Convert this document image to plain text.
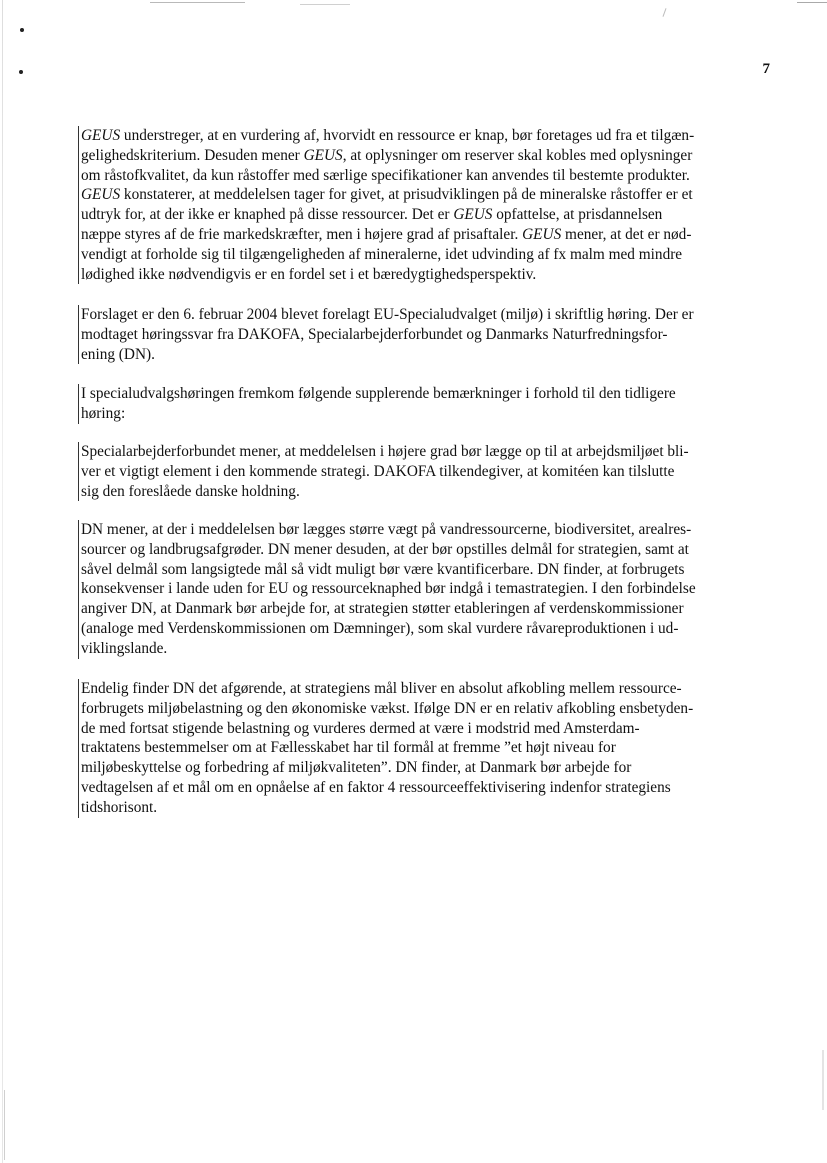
7
GEUS understreger, at en vurdering af, hvorvidt en ressource er knap, bør foretages ud fra et tilgæn-
gelighedskriterium. Desuden mener GEUS, at oplysninger om reserver skal kobles med oplysninger
om råstofkvalitet, da kun råstoffer med særlige specifikationer kan anvendes til bestemte produkter.
GEUS konstaterer, at meddelelsen tager for givet, at prisudviklingen på de mineralske råstoffer er et
udtryk for, at der ikke er knaphed på disse ressourcer. Det er GEUS opfattelse, at prisdannelsen
næppe styres af de frie markedskræfter, men i højere grad af prisaftaler. GEUS mener, at det er nød-
vendigt at forholde sig til tilgængeligheden af mineralerne, idet udvinding af fx malm med mindre
lødighed ikke nødvendigvis er en fordel set i et bæredygtighedsperspektiv.
Forslaget er den 6. februar 2004 blevet forelagt EU-Specialudvalget (miljø) i skriftlig høring. Der er
modtaget høringssvar fra DAKOFA, Specialarbejderforbundet og Danmarks Naturfredningsfor-
ening (DN).
I specialudvalgshøringen fremkom følgende supplerende bemærkninger i forhold til den tidligere
høring:
Specialarbejderforbundet mener, at meddelelsen i højere grad bør lægge op til at arbejdsmiljøet bli-
ver et vigtigt element i den kommende strategi. DAKOFA tilkendegiver, at komitéen kan tilslutte
sig den foreslåede danske holdning.
DN mener, at der i meddelelsen bør lægges større vægt på vandressourcerne, biodiversitet, arealres-
sourcer og landbrugsafgrøder. DN mener desuden, at der bør opstilles delmål for strategien, samt at
såvel delmål som langsigtede mål så vidt muligt bør være kvantificerbare. DN finder, at forbrugets
konsekvenser i lande uden for EU og ressourceknaphed bør indgå i temastrategien. I den forbindelse
angiver DN, at Danmark bør arbejde for, at strategien støtter etableringen af verdenskommissioner
(analoge med Verdenskommissionen om Dæmninger), som skal vurdere råvareproduktionen i ud-
viklingslande.
Endelig finder DN det afgørende, at strategiens mål bliver en absolut afkobling mellem ressource-
forbrugets miljøbelastning og den økonomiske vækst. Ifølge DN er en relativ afkobling ensbetyden-
de med fortsat stigende belastning og vurderes dermed at være i modstrid med Amsterdam-
traktatens bestemmelser om at Fællesskabet har til formål at fremme ”et højt niveau for
miljøbeskyttelse og forbedring af miljøkvaliteten”. DN finder, at Danmark bør arbejde for
vedtagelsen af et mål om en opnåelse af en faktor 4 ressourceeffektivisering indenfor strategiens
tidshorisont.
